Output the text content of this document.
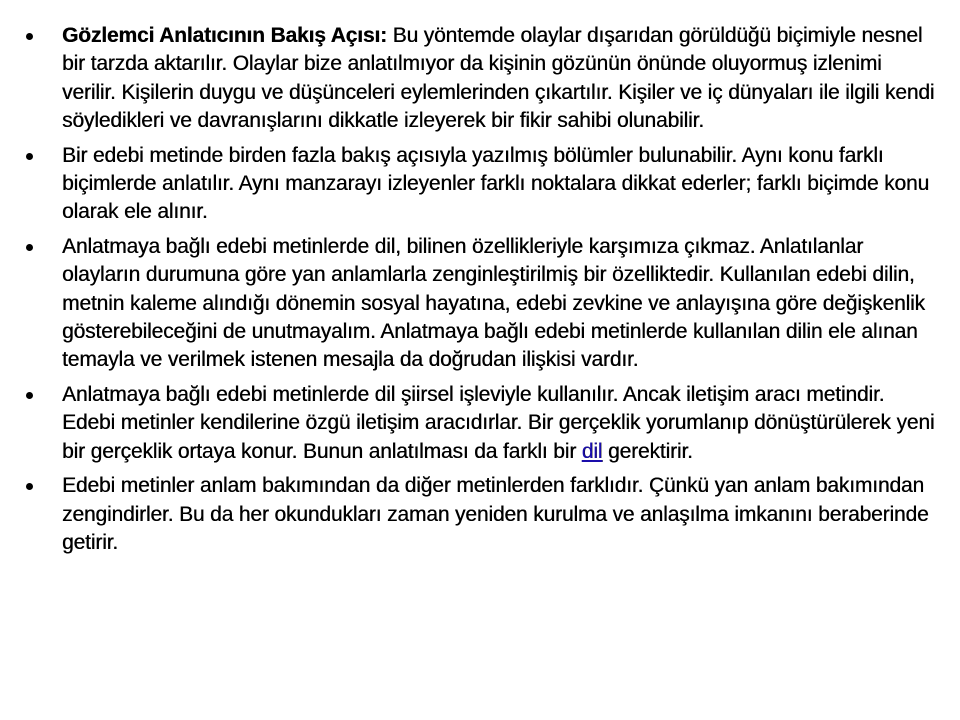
Gözlemci Anlatıcının Bakış Açısı: Bu yöntemde olaylar dışarıdan görüldüğü biçimiyle nesnel bir tarzda aktarılır. Olaylar bize anlatılmıyor da kişinin gözünün önünde oluyormuş izlenimi verilir. Kişilerin duygu ve düşünceleri eylemlerinden çıkartılır. Kişiler ve iç dünyaları ile ilgili kendi söyledikleri ve davranışlarını dikkatle izleyerek bir fikir sahibi olunabilir.
Bir edebi metinde birden fazla bakış açısıyla yazılmış bölümler bulunabilir. Aynı konu farklı biçimlerde anlatılır. Aynı manzarayı izleyenler farklı noktalara dikkat ederler; farklı biçimde konu olarak ele alınır.
Anlatmaya bağlı edebi metinlerde dil, bilinen özellikleriyle karşımıza çıkmaz. Anlatılanlar olayların durumuna göre yan anlamlarla zenginleştirilmiş bir özelliktedir. Kullanılan edebi dilin, metnin kaleme alındığı dönemin sosyal hayatına, edebi zevkine ve anlayışına göre değişkenlik gösterebileceğini de unutmayalım. Anlatmaya bağlı edebi metinlerde kullanılan dilin ele alınan temayla ve verilmek istenen mesajla da doğrudan ilişkisi vardır.
Anlatmaya bağlı edebi metinlerde dil şiirsel işleviyle kullanılır. Ancak iletişim aracı metindir. Edebi metinler kendilerine özgü iletişim aracıdırlar. Bir gerçeklik yorumlanıp dönüştürülerek yeni bir gerçeklik ortaya konur. Bunun anlatılması da farklı bir dil gerektirir.
Edebi metinler anlam bakımından da diğer metinlerden farklıdır. Çünkü yan anlam bakımından zengindirler. Bu da her okundukları zaman yeniden kurulma ve anlaşılma imkanını beraberinde getirir.
